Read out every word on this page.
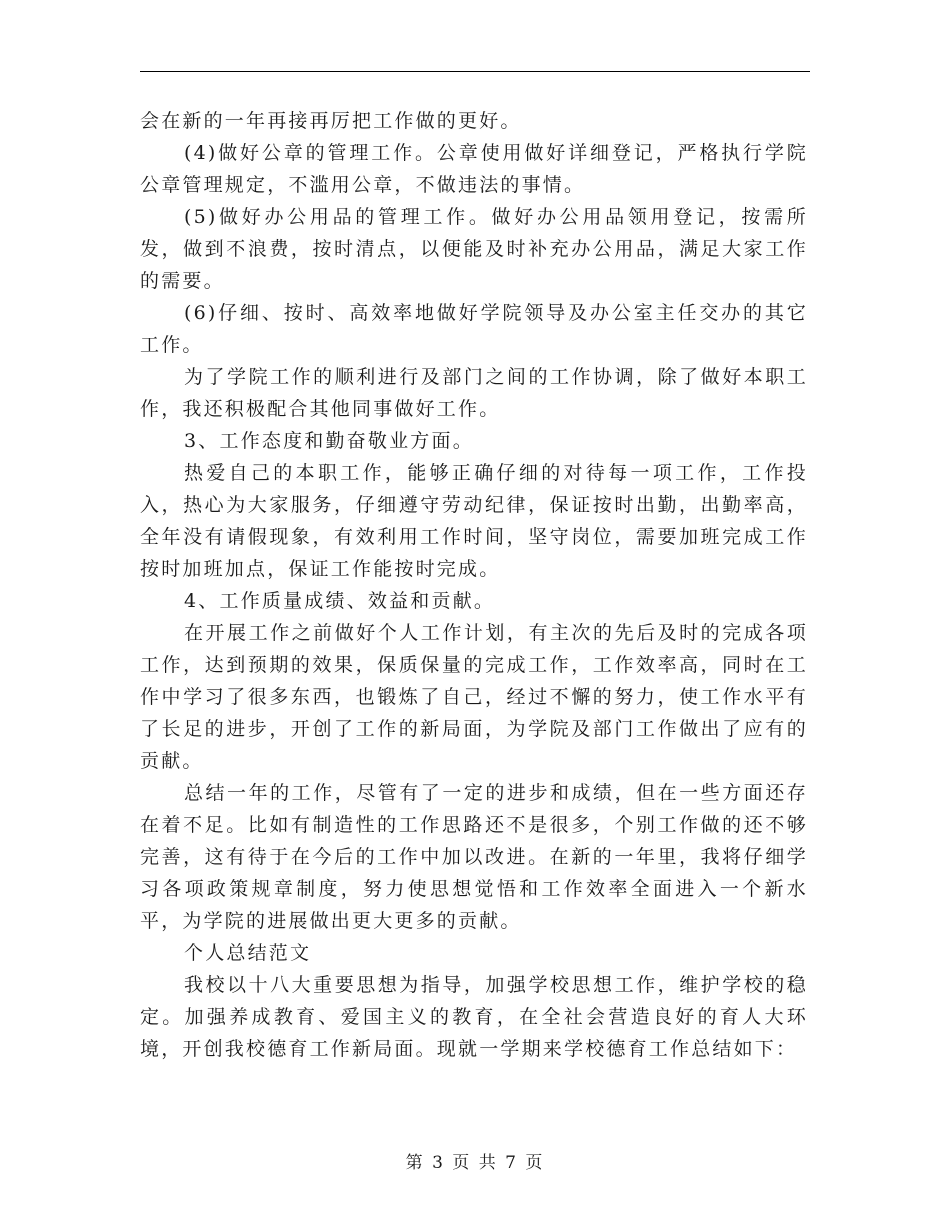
会在新的一年再接再厉把工作做的更好。

(4)做好公章的管理工作。公章使用做好详细登记，严格执行学院公章管理规定，不滥用公章，不做违法的事情。

(5)做好办公用品的管理工作。做好办公用品领用登记，按需所发，做到不浪费，按时清点，以便能及时补充办公用品，满足大家工作的需要。

(6)仔细、按时、高效率地做好学院领导及办公室主任交办的其它工作。

为了学院工作的顺利进行及部门之间的工作协调，除了做好本职工作，我还积极配合其他同事做好工作。

3、工作态度和勤奋敬业方面。

热爱自己的本职工作，能够正确仔细的对待每一项工作，工作投入，热心为大家服务，仔细遵守劳动纪律，保证按时出勤，出勤率高，全年没有请假现象，有效利用工作时间，坚守岗位，需要加班完成工作按时加班加点，保证工作能按时完成。

4、工作质量成绩、效益和贡献。

在开展工作之前做好个人工作计划，有主次的先后及时的完成各项工作，达到预期的效果，保质保量的完成工作，工作效率高，同时在工作中学习了很多东西，也锻炼了自己，经过不懈的努力，使工作水平有了长足的进步，开创了工作的新局面，为学院及部门工作做出了应有的贡献。

总结一年的工作，尽管有了一定的进步和成绩，但在一些方面还存在着不足。比如有制造性的工作思路还不是很多，个别工作做的还不够完善，这有待于在今后的工作中加以改进。在新的一年里，我将仔细学习各项政策规章制度，努力使思想觉悟和工作效率全面进入一个新水平，为学院的进展做出更大更多的贡献。

个人总结范文

我校以十八大重要思想为指导，加强学校思想工作，维护学校的稳定。加强养成教育、爱国主义的教育，在全社会营造良好的育人大环境，开创我校德育工作新局面。现就一学期来学校德育工作总结如下：

第 3 页 共 7 页
